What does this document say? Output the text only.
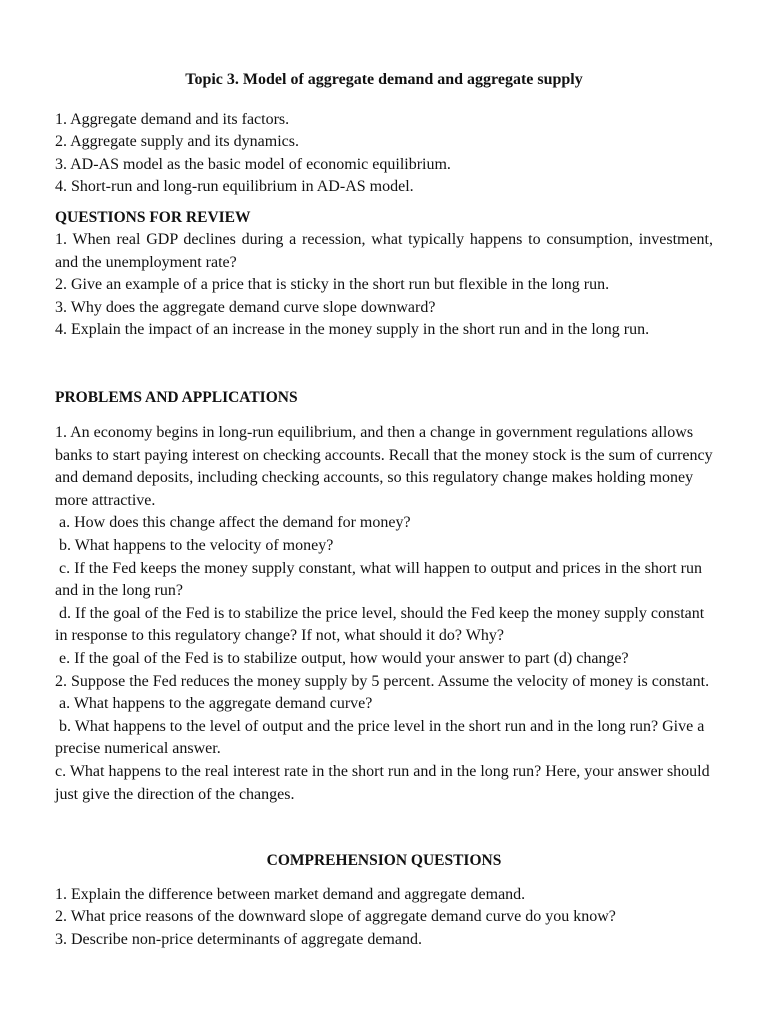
Topic 3. Model of aggregate demand and aggregate supply

1. Aggregate demand and its factors.

2. Aggregate supply and its dynamics.

3. AD-AS model as the basic model of economic equilibrium.

4. Short-run and long-run equilibrium in AD-AS model.

QUESTIONS FOR REVIEW

1. When real GDP declines during a recession, what typically happens to consumption, investment, and the unemployment rate?

2. Give an example of a price that is sticky in the short run but flexible in the long run.

3. Why does the aggregate demand curve slope downward?

4. Explain the impact of an increase in the money supply in the short run and in the long run.

PROBLEMS AND APPLICATIONS

1. An economy begins in long-run equilibrium, and then a change in government regulations allows banks to start paying interest on checking accounts. Recall that the money stock is the sum of currency and demand deposits, including checking accounts, so this regulatory change makes holding money more attractive.

a. How does this change affect the demand for money?

b. What happens to the velocity of money?

c. If the Fed keeps the money supply constant, what will happen to output and prices in the short run and in the long run?

d. If the goal of the Fed is to stabilize the price level, should the Fed keep the money supply constant in response to this regulatory change? If not, what should it do? Why?

e. If the goal of the Fed is to stabilize output, how would your answer to part (d) change?

2. Suppose the Fed reduces the money supply by 5 percent. Assume the velocity of money is constant.

a. What happens to the aggregate demand curve?

b. What happens to the level of output and the price level in the short run and in the long run? Give a precise numerical answer.

c. What happens to the real interest rate in the short run and in the long run? Here, your answer should just give the direction of the changes.

COMPREHENSION QUESTIONS

1. Explain the difference between market demand and aggregate demand.

2. What price reasons of the downward slope of aggregate demand curve do you know?

3. Describe non-price determinants of aggregate demand.
